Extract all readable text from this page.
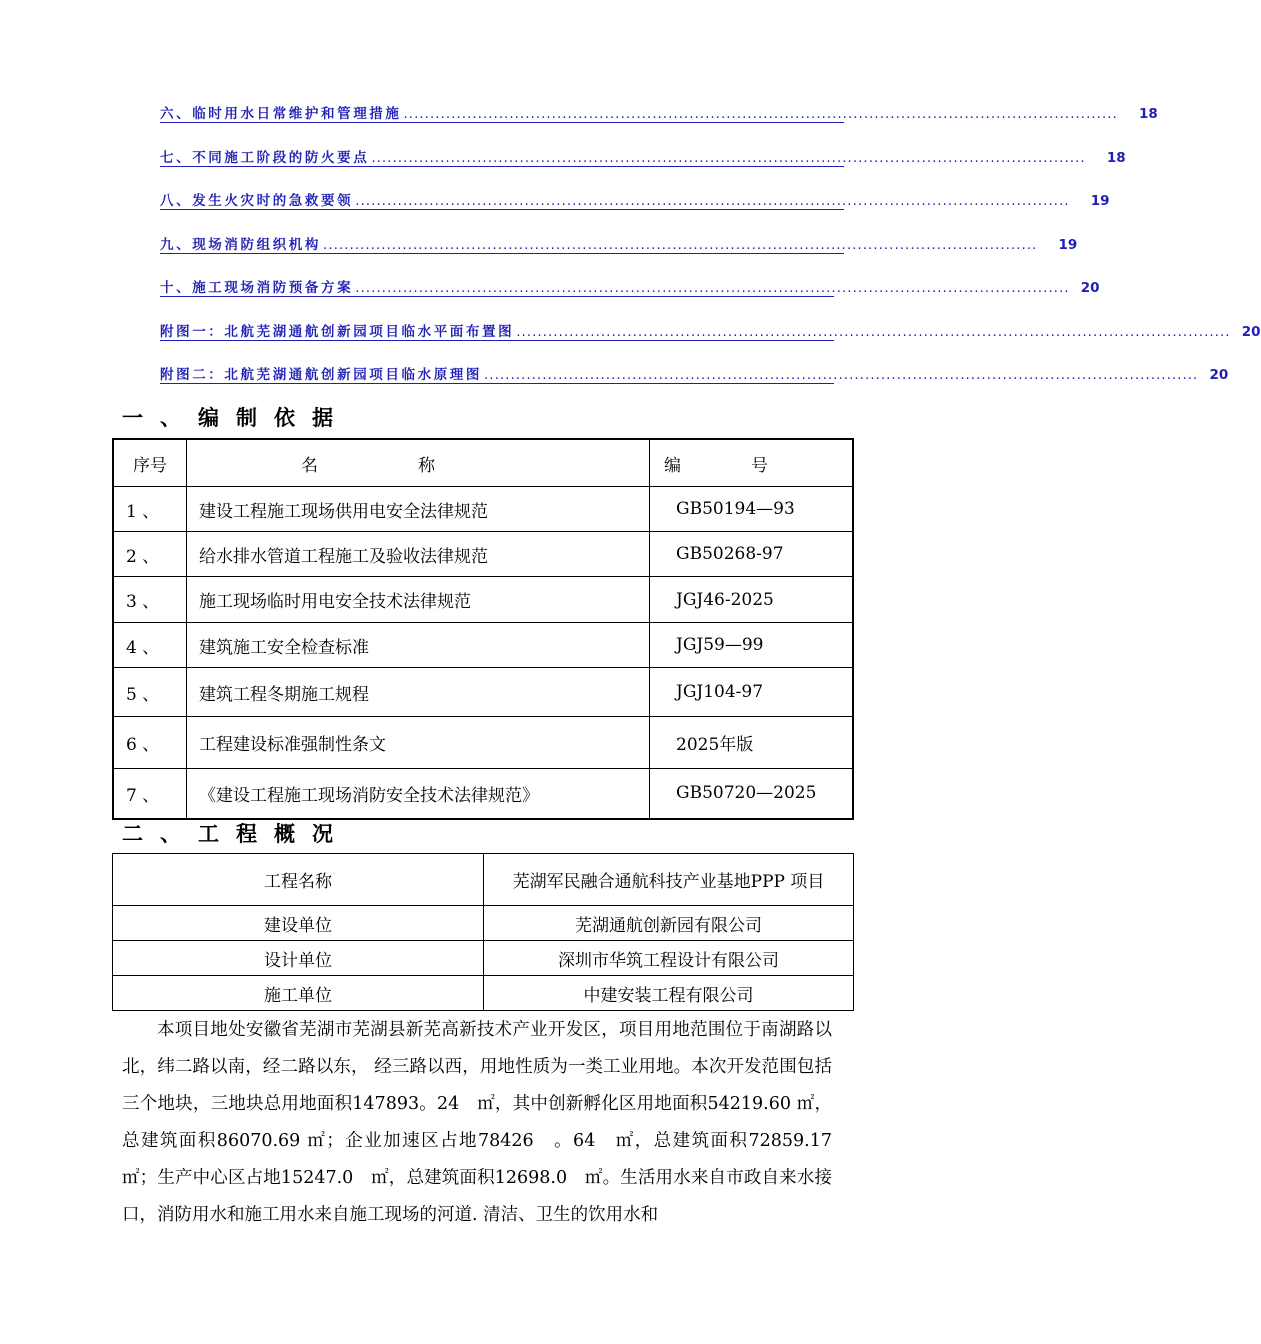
六、临时用水日常维护和管理措施 .......................................................................................................................................	18
七、不同施工阶段的防火要点 .......................................................................................................................................	18
八、发生火灾时的急救要领 .......................................................................................................................................	19
九、现场消防组织机构 .......................................................................................................................................	19
十、施工现场消防预备方案 ....................................................................................................................................... 20
附图一：北航芜湖通航创新园项目临水平面布置图 ....................................................................................................................................... 20
附图二：北航芜湖通航创新园项目临水原理图 ....................................................................................................................................... 20
一、编制依据
序号	名称	编号
1 、	建设工程施工现场供用电安全法律规范	GB50194—93
2 、	给水排水管道工程施工及验收法律规范	GB50268-97
3 、	施工现场临时用电安全技术法律规范	JGJ46-2025
4 、	建筑施工安全检查标准	JGJ59—99
5 、	建筑工程冬期施工规程	JGJ104-97
6 、	工程建设标准强制性条文	2025年版
7 、	《建设工程施工现场消防安全技术法律规范》	GB50720—2025
二、工程概况
工程名称	芜湖军民融合通航科技产业基地PPP 项目
建设单位	芜湖通航创新园有限公司
设计单位	深圳市华筑工程设计有限公司
施工单位	中建安装工程有限公司

本项目地处安徽省芜湖市芜湖县新芜高新技术产业开发区，项目用地范围位于南湖路以北，纬二路以南，经二路以东， 经三路以西，用地性质为一类工业用地。本次开发范围包括三个地块，三地块总用地面积147893。24　㎡，其中创新孵化区用地面积54219.60 ㎡，总建筑面积86070.69 ㎡；企业加速区占地78426　。64　㎡，总建筑面积72859.17 ㎡；生产中心区占地15247.0　㎡，总建筑面积12698.0　㎡。生活用水来自市政自来水接口，消防用水和施工用水来自施工现场的河道. 清洁、卫生的饮用水和
